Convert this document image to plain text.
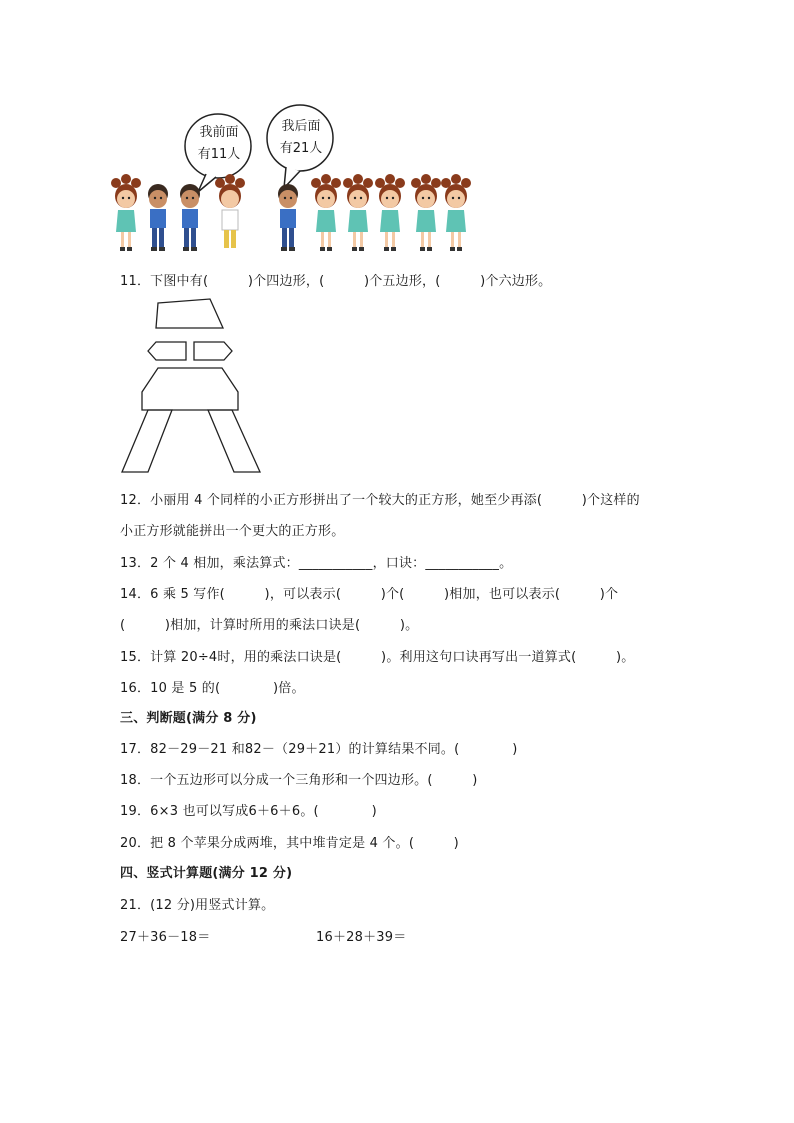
我前面
有11人
我后面
有21人
11．下图中有(　　　)个四边形，(　　　)个五边形，(　　　)个六边形。
12．小丽用 4 个同样的小正方形拼出了一个较大的正方形，她至少再添(　　　)个这样的
小正方形就能拼出一个更大的正方形。
13．2 个 4 相加，乘法算式：___________，口诀：___________。
14．6 乘 5 写作(　　　)，可以表示(　　　)个(　　　)相加，也可以表示(　　　)个
(　　　)相加，计算时所用的乘法口诀是(　　　)。
15．计算 20÷4时，用的乘法口诀是(　　　)。利用这句口诀再写出一道算式(　　　)。
16．10 是 5 的(　　　　)倍。
三、判断题(满分 8 分)
17．82－29－21 和82－（29＋21）的计算结果不同。(　　　　)
18．一个五边形可以分成一个三角形和一个四边形。(　　　)
19．6×3 也可以写成6＋6＋6。(　　　　)
20．把 8 个苹果分成两堆，其中堆肯定是 4 个。(　　　)
四、竖式计算题(满分 12 分)
21．(12 分)用竖式计算。
27＋36－18＝	16＋28＋39＝
